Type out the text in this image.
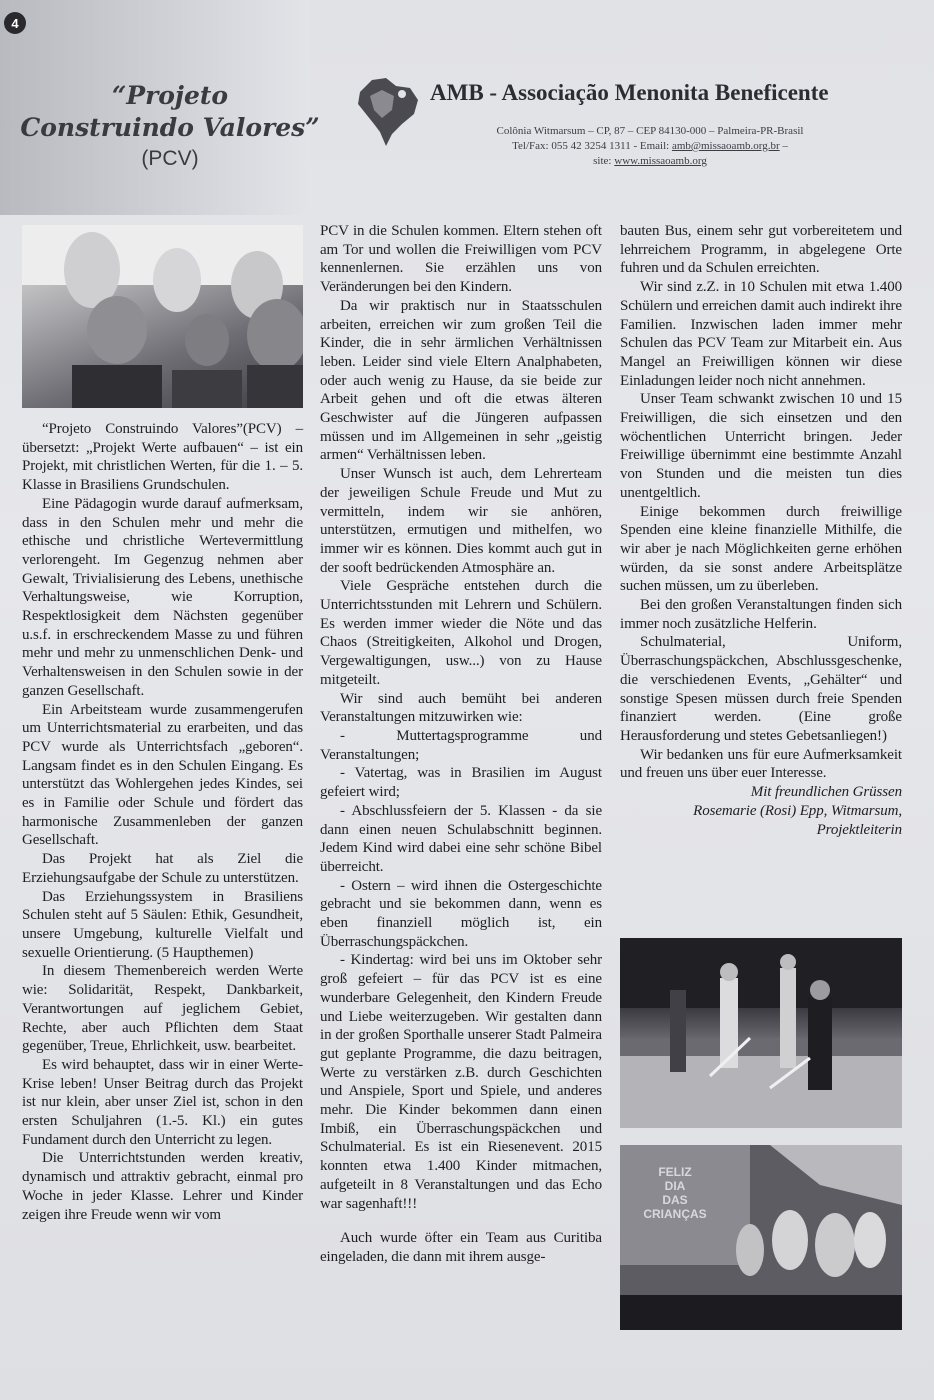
4
“Projeto
Construindo Valores”
(PCV)
AMB - Associação Menonita Beneficente
Colônia Witmarsum – CP, 87 – CEP 84130-000 – Palmeira-PR-Brasil
Tel/Fax: 055 42 3254 1311 - Email: amb@missaoamb.org.br –
site: www.missaoamb.org

“Projeto Construindo Valores”(PCV) – übersetzt: „Projekt Werte aufbauen“ – ist ein Projekt, mit christlichen Werten, für die 1. – 5. Klasse in Brasiliens Grundschulen.

Eine Pädagogin wurde darauf aufmerksam, dass in den Schulen mehr und mehr die ethische und christliche Wertevermittlung verlorengeht. Im Gegenzug nehmen aber Gewalt, Trivialisierung des Lebens, unethische Verhaltungsweise, wie Korruption, Respektlosigkeit dem Nächsten gegenüber u.s.f. in erschreckendem Masse zu und führen mehr und mehr zu unmenschlichen Denk- und Verhaltensweisen in den Schulen sowie in der ganzen Gesellschaft.

Ein Arbeitsteam wurde zusammengerufen um Unterrichtsmaterial zu erarbeiten, und das PCV wurde als Unterrichtsfach „geboren“. Langsam findet es in den Schulen Eingang. Es unterstützt das Wohlergehen jedes Kindes, sei es in Familie oder Schule und fördert das harmonische Zusammenleben der ganzen Gesellschaft.

Das Projekt hat als Ziel die Erziehungsaufgabe der Schule zu unterstützen.

Das Erziehungssystem in Brasiliens Schulen steht auf 5 Säulen: Ethik, Gesundheit, unsere Umgebung, kulturelle Vielfalt und sexuelle Orientierung. (5 Haupthemen)

In diesem Themenbereich werden Werte wie: Solidarität, Respekt, Dankbarkeit, Verantwortungen auf jeglichem Gebiet, Rechte, aber auch Pflichten dem Staat gegenüber, Treue, Ehrlichkeit, usw. bearbeitet.

Es wird behauptet, dass wir in einer Werte-Krise leben! Unser Beitrag durch das Projekt ist nur klein, aber unser Ziel ist, schon in den ersten Schuljahren (1.-5. Kl.) ein gutes Fundament durch den Unterricht zu legen.

Die Unterrichtstunden werden kreativ, dynamisch und attraktiv gebracht, einmal pro Woche in jeder Klasse. Lehrer und Kinder zeigen ihre Freude wenn wir vom

PCV in die Schulen kommen. Eltern stehen oft am Tor und wollen die Freiwilligen vom PCV kennenlernen. Sie erzählen uns von Veränderungen bei den Kindern.

Da wir praktisch nur in Staatsschulen arbeiten, erreichen wir zum großen Teil die Kinder, die in sehr ärmlichen Verhältnissen leben. Leider sind viele Eltern Analphabeten, oder auch wenig zu Hause, da sie beide zur Arbeit gehen und oft die etwas älteren Geschwister auf die Jüngeren aufpassen müssen und im Allgemeinen in sehr „geistig armen“ Verhältnissen leben.

Unser Wunsch ist auch, dem Lehrerteam der jeweiligen Schule Freude und Mut zu vermitteln, indem wir sie anhören, unterstützen, ermutigen und mithelfen, wo immer wir es können. Dies kommt auch gut in der sooft bedrückenden Atmosphäre an.

Viele Gespräche entstehen durch die Unterrichtsstunden mit Lehrern und Schülern. Es werden immer wieder die Nöte und das Chaos (Streitigkeiten, Alkohol und Drogen, Vergewaltigungen, usw...) von zu Hause mitgeteilt.

Wir sind auch bemüht bei anderen Veranstaltungen mitzuwirken wie:

- Muttertagsprogramme und Veranstaltungen;

- Vatertag, was in Brasilien im August gefeiert wird;

- Abschlussfeiern der 5. Klassen - da sie dann einen neuen Schulabschnitt beginnen. Jedem Kind wird dabei eine sehr schöne Bibel überreicht.

- Ostern – wird ihnen die Ostergeschichte gebracht und sie bekommen dann, wenn es eben finanziell möglich ist, ein Überraschungspäckchen.

- Kindertag: wird bei uns im Oktober sehr groß gefeiert – für das PCV ist es eine wunderbare Gelegenheit, den Kindern Freude und Liebe weiterzugeben. Wir gestalten dann in der großen Sporthalle unserer Stadt Palmeira gut geplante Programme, die dazu beitragen, Werte zu verstärken z.B. durch Geschichten und Anspiele, Sport und Spiele, und anderes mehr. Die Kinder bekommen dann einen Imbiß, ein Überraschungspäckchen und Schulmaterial. Es ist ein Riesenevent. 2015 konnten etwa 1.400 Kinder mitmachen, aufgeteilt in 8 Veranstaltungen und das Echo war sagenhaft!!!

Auch wurde öfter ein Team aus Curitiba eingeladen, die dann mit ihrem ausge-

bauten Bus, einem sehr gut vorbereitetem und lehrreichem Programm, in abgelegene Orte fuhren und da Schulen erreichten.

Wir sind z.Z. in 10 Schulen mit etwa 1.400 Schülern und erreichen damit auch indirekt ihre Familien. Inzwischen laden immer mehr Schulen das PCV Team zur Mitarbeit ein. Aus Mangel an Freiwilligen können wir diese Einladungen leider noch nicht annehmen.

Unser Team schwankt zwischen 10 und 15 Freiwilligen, die sich einsetzen und den wöchentlichen Unterricht bringen. Jeder Freiwillige übernimmt eine bestimmte Anzahl von Stunden und die meisten tun dies unentgeltlich.

Einige bekommen durch freiwillige Spenden eine kleine finanzielle Mithilfe, die wir aber je nach Möglichkeiten gerne erhöhen würden, da sie sonst andere Arbeitsplätze suchen müssen, um zu überleben.

Bei den großen Veranstaltungen finden sich immer noch zusätzliche Helferin.

Schulmaterial, Uniform, Überraschungspäckchen, Abschlussgeschenke, die verschiedenen Events, „Gehälter“ und sonstige Spesen müssen durch freie Spenden finanziert werden. (Eine große Herausforderung und stetes Gebetsanliegen!)

Wir bedanken uns für eure Aufmerksamkeit und freuen uns über euer Interesse.

Mit freundlichen Grüssen

Rosemarie (Rosi) Epp, Witmarsum,

Projektleiterin

FELIZ
DIA
DAS
CRIANÇAS
